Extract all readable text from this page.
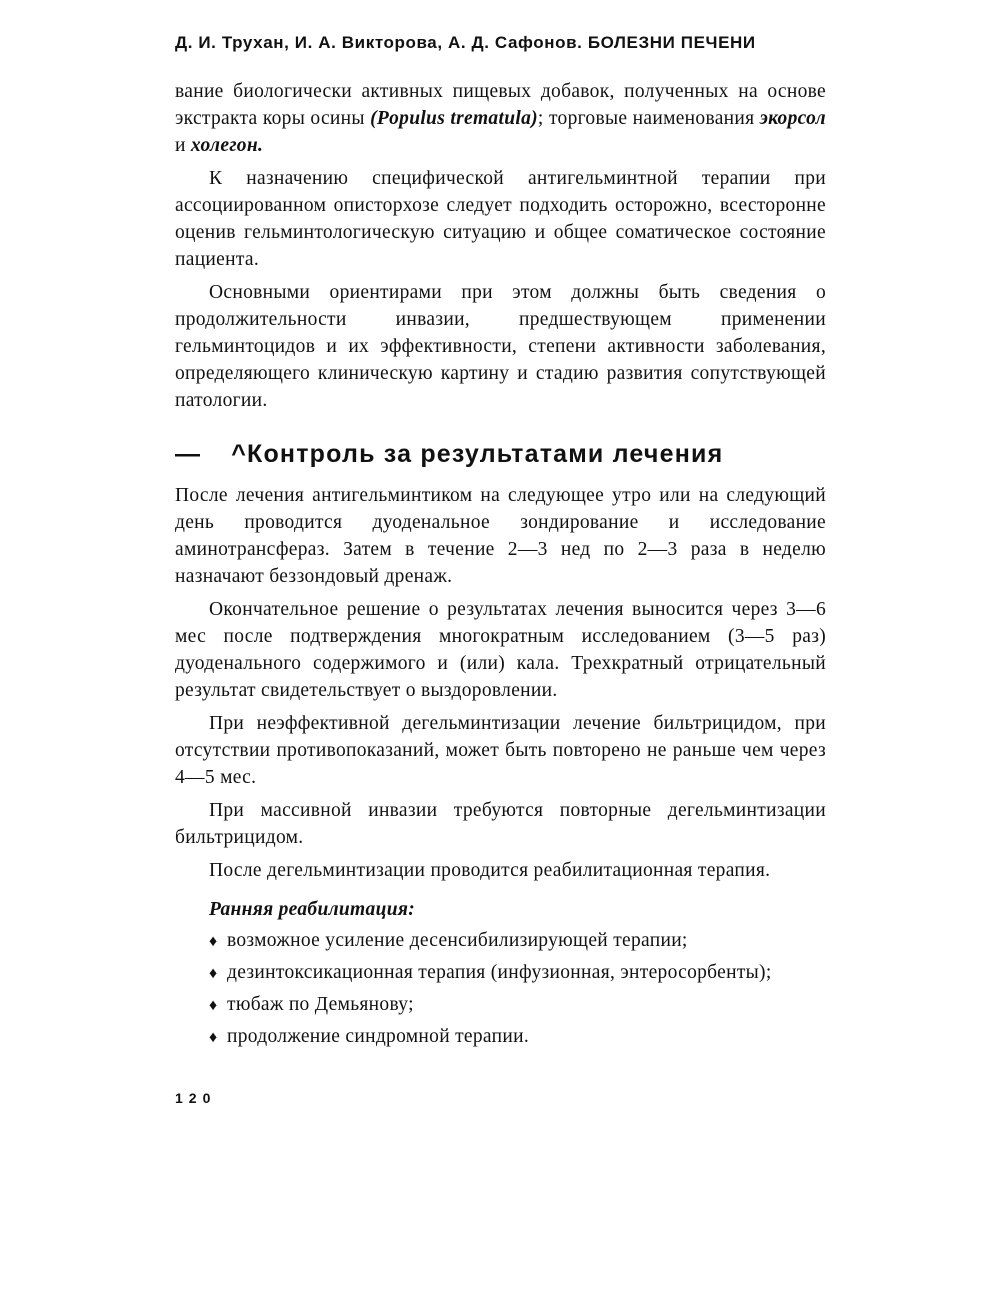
Д. И. Трухан, И. А. Викторова, А. Д. Сафонов. БОЛЕЗНИ ПЕЧЕНИ

вание биологически активных пищевых добавок, полученных на основе экстракта коры осины (Populus trematula); торговые наименования экорсол и холегон.

К назначению специфической антигельминтной терапии при ассоциированном описторхозе следует подходить осторожно, всесторонне оценив гельминтологическую ситуацию и общее соматическое состояние пациента.

Основными ориентирами при этом должны быть сведения о продолжительности инвазии, предшествующем применении гельминтоцидов и их эффективности, степени активности заболевания, определяющего клиническую картину и стадию развития сопутствующей патологии.

— ^Контроль за результатами лечения

После лечения антигельминтиком на следующее утро или на следующий день проводится дуоденальное зондирование и исследование аминотрансфераз. Затем в течение 2—3 нед по 2—3 раза в неделю назначают беззондовый дренаж.

Окончательное решение о результатах лечения выносится через 3—6 мес после подтверждения многократным исследованием (3—5 раз) дуоденального содержимого и (или) кала. Трехкратный отрицательный результат свидетельствует о выздоровлении.

При неэффективной дегельминтизации лечение бильтрицидом, при отсутствии противопоказаний, может быть повторено не раньше чем через 4—5 мес.

При массивной инвазии требуются повторные дегельминтизации бильтрицидом.

После дегельминтизации проводится реабилитационная терапия.

Ранняя реабилитация:
♦ возможное усиление десенсибилизирующей терапии;
♦ дезинтоксикационная терапия (инфузионная, энтеросорбенты);
♦ тюбаж по Демьянову;
♦ продолжение синдромной терапии.
120
